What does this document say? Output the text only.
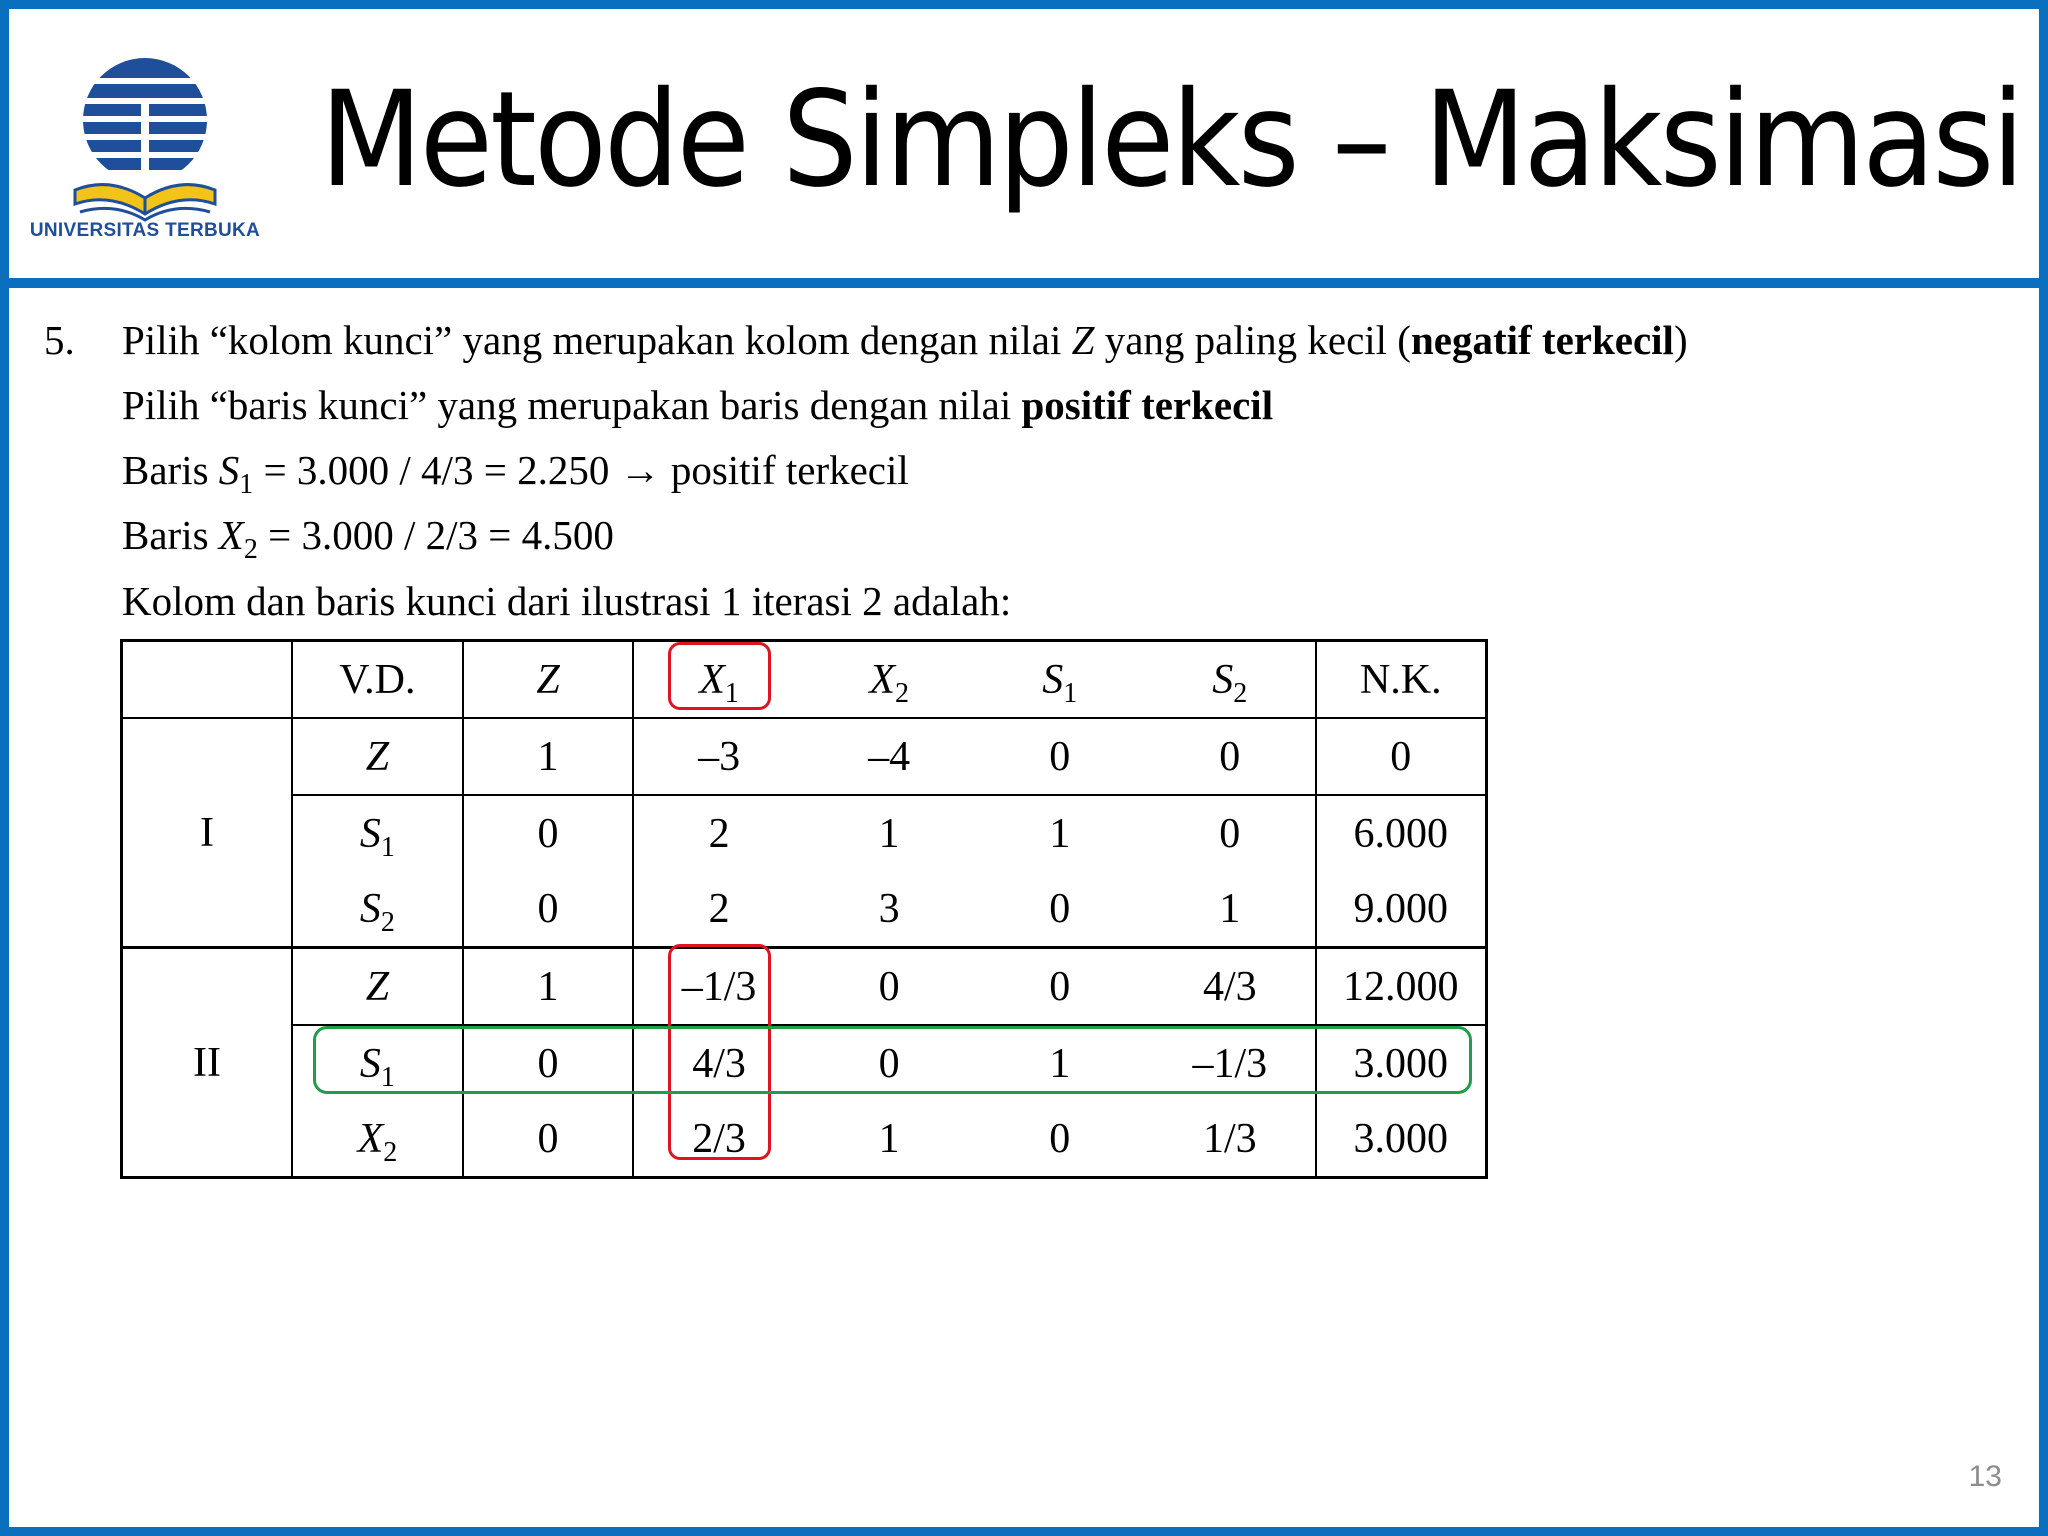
UNIVERSITAS TERBUKA
Metode Simpleks – Maksimasi
5. Pilih “kolom kunci” yang merupakan kolom dengan nilai Z yang paling kecil (negatif terkecil)
Pilih “baris kunci” yang merupakan baris dengan nilai positif terkecil
Baris $S_1 = 3.000 / 4/3 = 2.250$ → positif terkecil
Baris $X_2 = 3.000 / 2/3 = 4.500$
Kolom dan baris kunci dari ilustrasi 1 iterasi 2 adalah:
	V.D.	Z	$X_1$	$X_2$	$S_1$	$S_2$	N.K.
I	Z	1	–3	–4	0	0	0
	$S_1$	0	2	1	1	0	6.000
	$S_2$	0	2	3	0	1	9.000
II	Z	1	–1/3	0	0	4/3	12.000
	$S_1$	0	4/3	0	1	–1/3	3.000
	$X_2$	0	2/3	1	0	1/3	3.000
13
